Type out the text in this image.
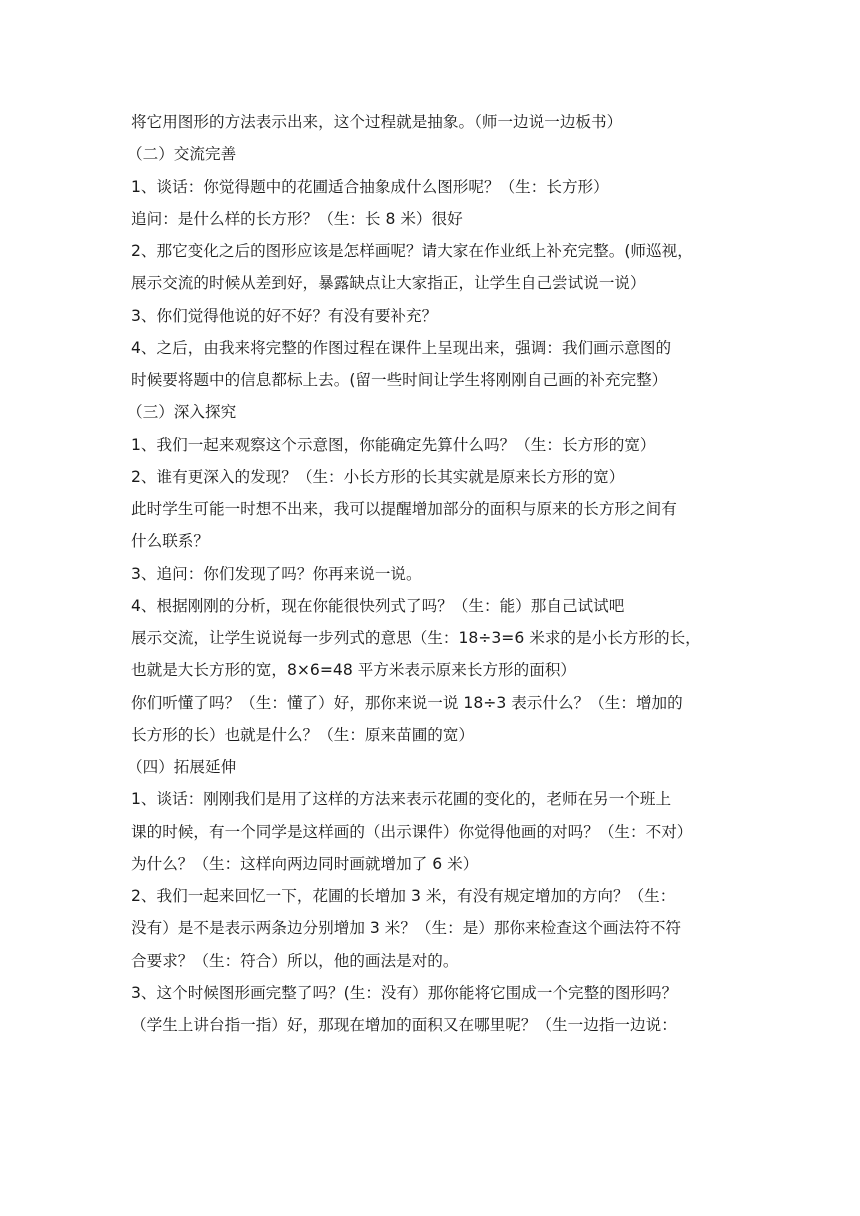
将它用图形的方法表示出来，这个过程就是抽象。（师一边说一边板书）
（二）交流完善
1、谈话：你觉得题中的花圃适合抽象成什么图形呢？（生：长方形）
追问：是什么样的长方形？（生：长 8 米）很好
2、那它变化之后的图形应该是怎样画呢？请大家在作业纸上补充完整。(师巡视，
展示交流的时候从差到好，暴露缺点让大家指正，让学生自己尝试说一说）
3、你们觉得他说的好不好？有没有要补充？
4、之后，由我来将完整的作图过程在课件上呈现出来，强调：我们画示意图的
时候要将题中的信息都标上去。(留一些时间让学生将刚刚自己画的补充完整）
（三）深入探究
1、我们一起来观察这个示意图，你能确定先算什么吗？（生：长方形的宽）
2、谁有更深入的发现？（生：小长方形的长其实就是原来长方形的宽）
此时学生可能一时想不出来，我可以提醒增加部分的面积与原来的长方形之间有
什么联系？
3、追问：你们发现了吗？你再来说一说。
4、根据刚刚的分析，现在你能很快列式了吗？（生：能）那自己试试吧
展示交流，让学生说说每一步列式的意思（生：18÷3=6 米求的是小长方形的长，
也就是大长方形的宽，8×6=48 平方米表示原来长方形的面积）
你们听懂了吗？（生：懂了）好，那你来说一说 18÷3 表示什么？（生：增加的
长方形的长）也就是什么？（生：原来苗圃的宽）
（四）拓展延伸
1、谈话：刚刚我们是用了这样的方法来表示花圃的变化的，老师在另一个班上
课的时候，有一个同学是这样画的（出示课件）你觉得他画的对吗？（生：不对）
为什么？（生：这样向两边同时画就增加了 6 米）
2、我们一起来回忆一下，花圃的长增加 3 米，有没有规定增加的方向？（生：
没有）是不是表示两条边分别增加 3 米？（生：是）那你来检查这个画法符不符
合要求？（生：符合）所以，他的画法是对的。
3、这个时候图形画完整了吗？(生：没有）那你能将它围成一个完整的图形吗？
（学生上讲台指一指）好，那现在增加的面积又在哪里呢？（生一边指一边说：
